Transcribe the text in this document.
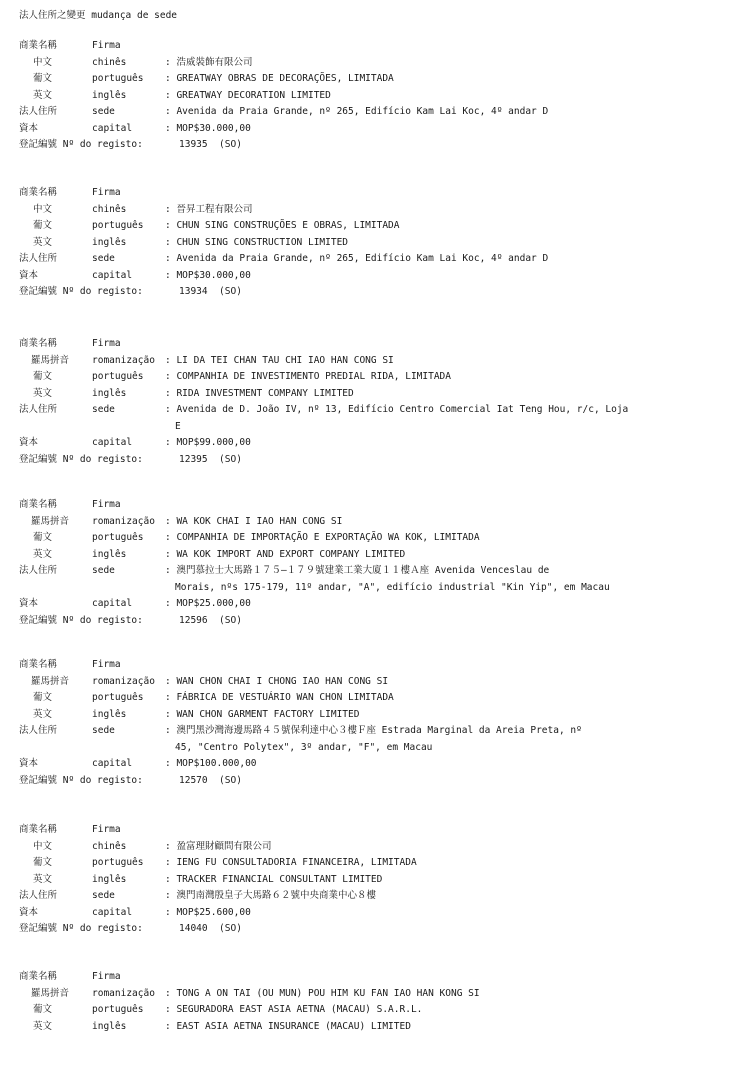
法人住所之變更 mudança de sede
商業名稱	Firma
中文	chinês	: 浩威裝飾有限公司
葡文	português : GREATWAY OBRAS DE DECORAÇÕES, LIMITADA
英文	inglês	: GREATWAY DECORATION LIMITED
法人住所	sede	: Avenida da Praia Grande, nº 265, Edifício Kam Lai Koc, 4º andar D
資本	capital	: MOP$30.000,00
登記編號 Nº do registo:	13935  (SO)
商業名稱	Firma
中文	chinês	: 晉昇工程有限公司
葡文	português : CHUN SING CONSTRUÇÕES E OBRAS, LIMITADA
英文	inglês	: CHUN SING CONSTRUCTION LIMITED
法人住所	sede	: Avenida da Praia Grande, nº 265, Edifício Kam Lai Koc, 4º andar D
資本	capital	: MOP$30.000,00
登記編號 Nº do registo:	13934  (SO)
商業名稱	Firma
羅馬拼音 romanização : LI DA TEI CHAN TAU CHI IAO HAN CONG SI
葡文	português : COMPANHIA DE INVESTIMENTO PREDIAL RIDA, LIMITADA
英文	inglês	: RIDA INVESTMENT COMPANY LIMITED
法人住所	sede	: Avenida de D. João IV, nº 13, Edifício Centro Comercial Iat Teng Hou, r/c, Loja
E
資本	capital	: MOP$99.000,00
登記編號 Nº do registo:	12395  (SO)
商業名稱	Firma
羅馬拼音 romanização : WA KOK CHAI I IAO HAN CONG SI
葡文	português : COMPANHIA DE IMPORTAÇÃO E EXPORTAÇÃO WA KOK, LIMITADA
英文	inglês	: WA KOK IMPORT AND EXPORT COMPANY LIMITED
法人住所	sede	: 澳門慕拉士大馬路１７５—１７９號建業工業大廈１１樓Ａ座 Avenida Venceslau de
Morais, nºs 175-179, 11º andar, "A", edifício industrial "Kin Yip", em Macau
資本	capital	: MOP$25.000,00
登記編號 Nº do registo:	12596  (SO)
商業名稱	Firma
羅馬拼音 romanização : WAN CHON CHAI I CHONG IAO HAN CONG SI
葡文	português : FÁBRICA DE VESTUÁRIO WAN CHON LIMITADA
英文	inglês	: WAN CHON GARMENT FACTORY LIMITED
法人住所	sede	: 澳門黑沙灣海邊馬路４５號保利達中心３樓Ｆ座 Estrada Marginal da Areia Preta, nº
45, "Centro Polytex", 3º andar, "F", em Macau
資本	capital	: MOP$100.000,00
登記編號 Nº do registo:	12570  (SO)
商業名稱	Firma
中文	chinês	: 盈富理財顧問有限公司
葡文	português : IENG FU CONSULTADORIA FINANCEIRA, LIMITADA
英文	inglês	: TRACKER FINANCIAL CONSULTANT LIMITED
法人住所	sede	: 澳門南灣殷皇子大馬路６２號中央商業中心８樓
資本	capital	: MOP$25.600,00
登記編號 Nº do registo:	14040  (SO)
商業名稱	Firma
羅馬拼音 romanização : TONG A ON TAI (OU MUN) POU HIM KU FAN IAO HAN KONG SI
葡文	português : SEGURADORA EAST ASIA AETNA (MACAU) S.A.R.L.
英文	inglês	: EAST ASIA AETNA INSURANCE (MACAU) LIMITED
